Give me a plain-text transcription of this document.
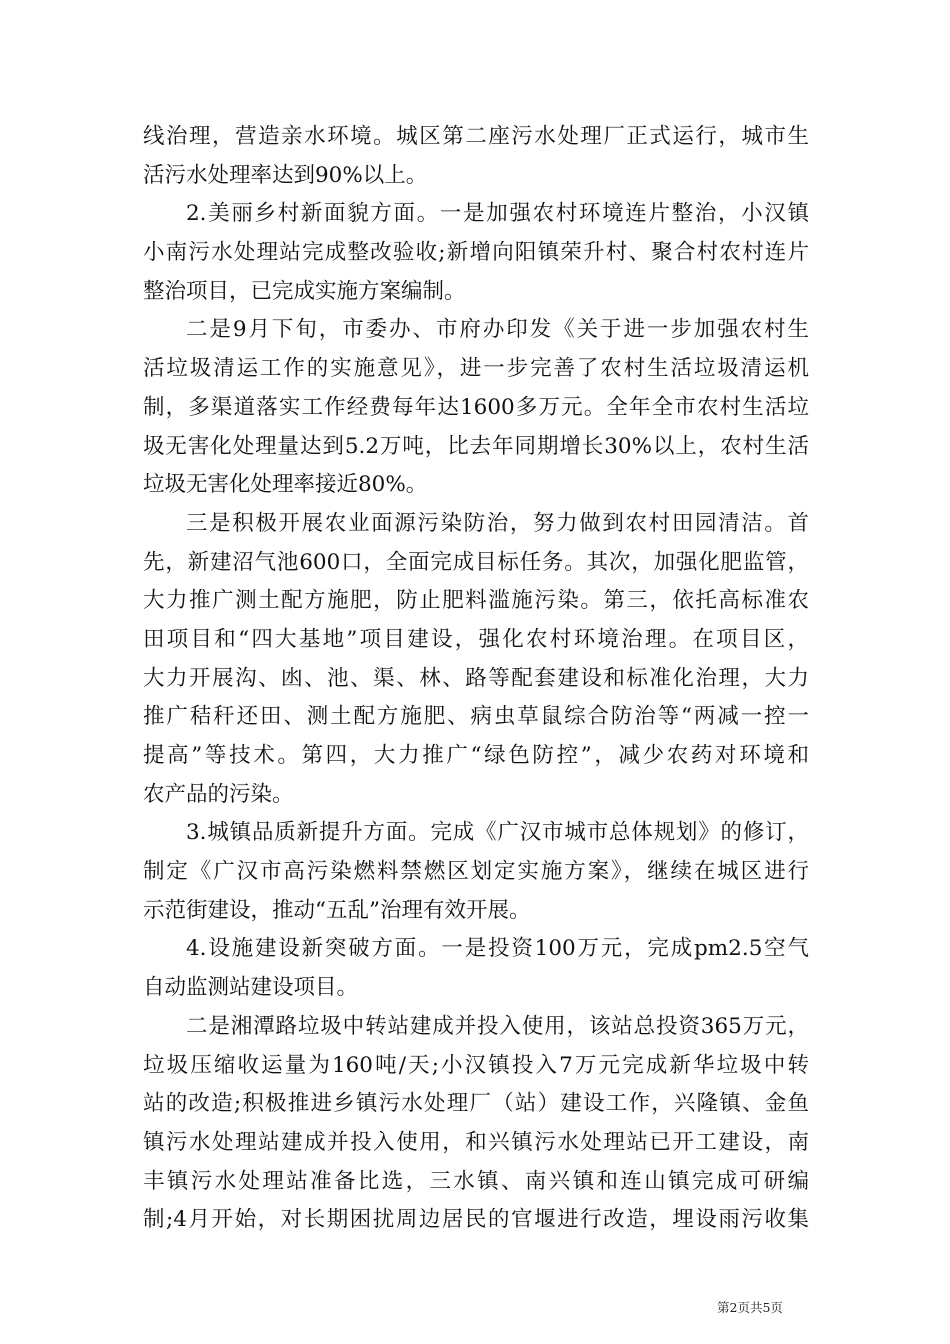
线治理，营造亲水环境。城区第二座污水处理厂正式运行，城市生
活污水处理率达到90%以上。
2.美丽乡村新面貌方面。一是加强农村环境连片整治，小汉镇
小南污水处理站完成整改验收;新增向阳镇荣升村、聚合村农村连片
整治项目，已完成实施方案编制。
二是9月下旬，市委办、市府办印发《关于进一步加强农村生
活垃圾清运工作的实施意见》，进一步完善了农村生活垃圾清运机
制，多渠道落实工作经费每年达1600多万元。全年全市农村生活垃
圾无害化处理量达到5.2万吨，比去年同期增长30%以上，农村生活
垃圾无害化处理率接近80%。
三是积极开展农业面源污染防治，努力做到农村田园清洁。首
先，新建沼气池600口，全面完成目标任务。其次，加强化肥监管，
大力推广测土配方施肥，防止肥料滥施污染。第三，依托高标准农
田项目和“四大基地”项目建设，强化农村环境治理。在项目区，
大力开展沟、凼、池、渠、林、路等配套建设和标准化治理，大力
推广秸秆还田、测土配方施肥、病虫草鼠综合防治等“两减一控一
提高”等技术。第四，大力推广“绿色防控”，减少农药对环境和
农产品的污染。
3.城镇品质新提升方面。完成《广汉市城市总体规划》的修订，
制定《广汉市高污染燃料禁燃区划定实施方案》，继续在城区进行
示范街建设，推动“五乱”治理有效开展。
4.设施建设新突破方面。一是投资100万元，完成pm2.5空气
自动监测站建设项目。
二是湘潭路垃圾中转站建成并投入使用，该站总投资365万元，
垃圾压缩收运量为160吨/天;小汉镇投入7万元完成新华垃圾中转
站的改造;积极推进乡镇污水处理厂（站）建设工作，兴隆镇、金鱼
镇污水处理站建成并投入使用，和兴镇污水处理站已开工建设，南
丰镇污水处理站准备比选，三水镇、南兴镇和连山镇完成可研编
制;4月开始，对长期困扰周边居民的官堰进行改造，埋设雨污收集
第2页共5页
